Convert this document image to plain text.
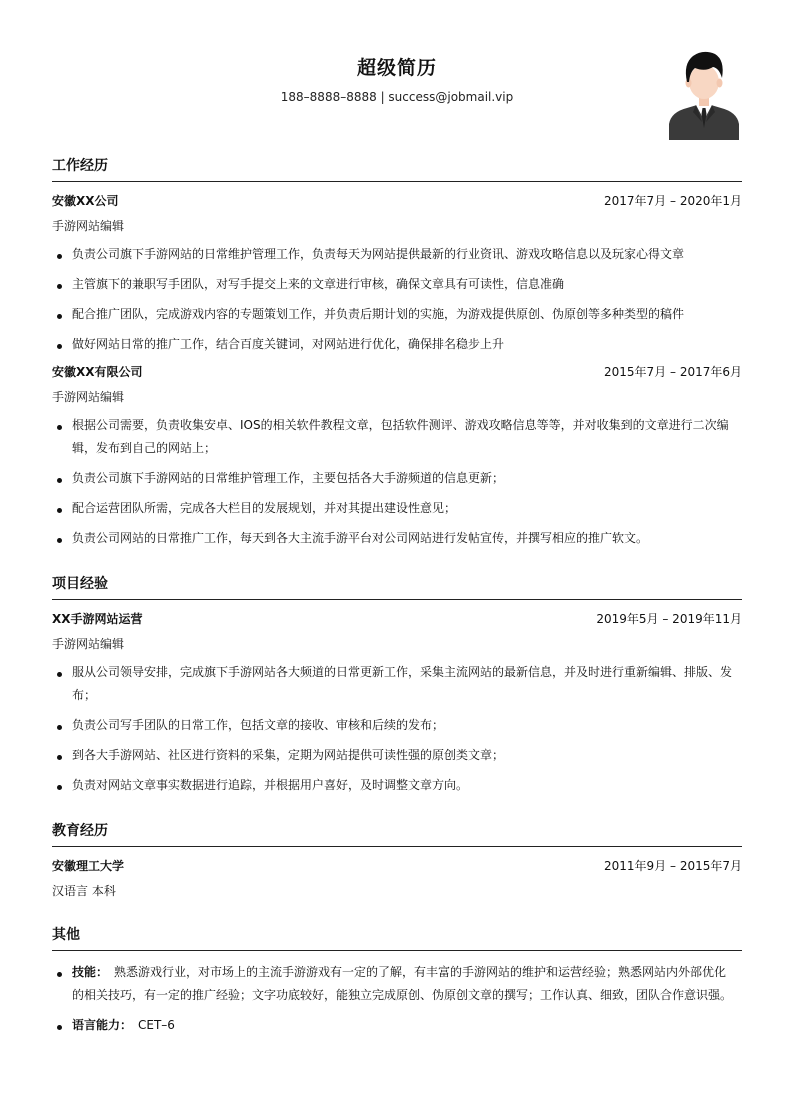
超级简历
188–8888–8888 | success@jobmail.vip
工作经历
安徽XX公司	2017年7月 – 2020年1月
手游网站编辑
负责公司旗下手游网站的日常维护管理工作，负责每天为网站提供最新的行业资讯、游戏攻略信息以及玩家心得文章
主管旗下的兼职写手团队，对写手提交上来的文章进行审核，确保文章具有可读性，信息准确
配合推广团队，完成游戏内容的专题策划工作，并负责后期计划的实施，为游戏提供原创、伪原创等多种类型的稿件
做好网站日常的推广工作，结合百度关键词，对网站进行优化，确保排名稳步上升
安徽XX有限公司	2015年7月 – 2017年6月
手游网站编辑
根据公司需要，负责收集安卓、IOS的相关软件教程文章，包括软件测评、游戏攻略信息等等，并对收集到的文章进行二次编辑，发布到自己的网站上；
负责公司旗下手游网站的日常维护管理工作，主要包括各大手游频道的信息更新；
配合运营团队所需，完成各大栏目的发展规划，并对其提出建设性意见；
负责公司网站的日常推广工作，每天到各大主流手游平台对公司网站进行发帖宣传，并撰写相应的推广软文。
项目经验
XX手游网站运营	2019年5月 – 2019年11月
手游网站编辑
服从公司领导安排，完成旗下手游网站各大频道的日常更新工作，采集主流网站的最新信息，并及时进行重新编辑、排版、发布；
负责公司写手团队的日常工作，包括文章的接收、审核和后续的发布；
到各大手游网站、社区进行资料的采集，定期为网站提供可读性强的原创类文章；
负责对网站文章事实数据进行追踪，并根据用户喜好，及时调整文章方向。
教育经历
安徽理工大学	2011年9月 – 2015年7月
汉语言 本科
其他
技能： 熟悉游戏行业，对市场上的主流手游游戏有一定的了解，有丰富的手游网站的维护和运营经验；熟悉网站内外部优化的相关技巧，有一定的推广经验；文字功底较好，能独立完成原创、伪原创文章的撰写；工作认真、细致，团队合作意识强。
语言能力： CET–6
